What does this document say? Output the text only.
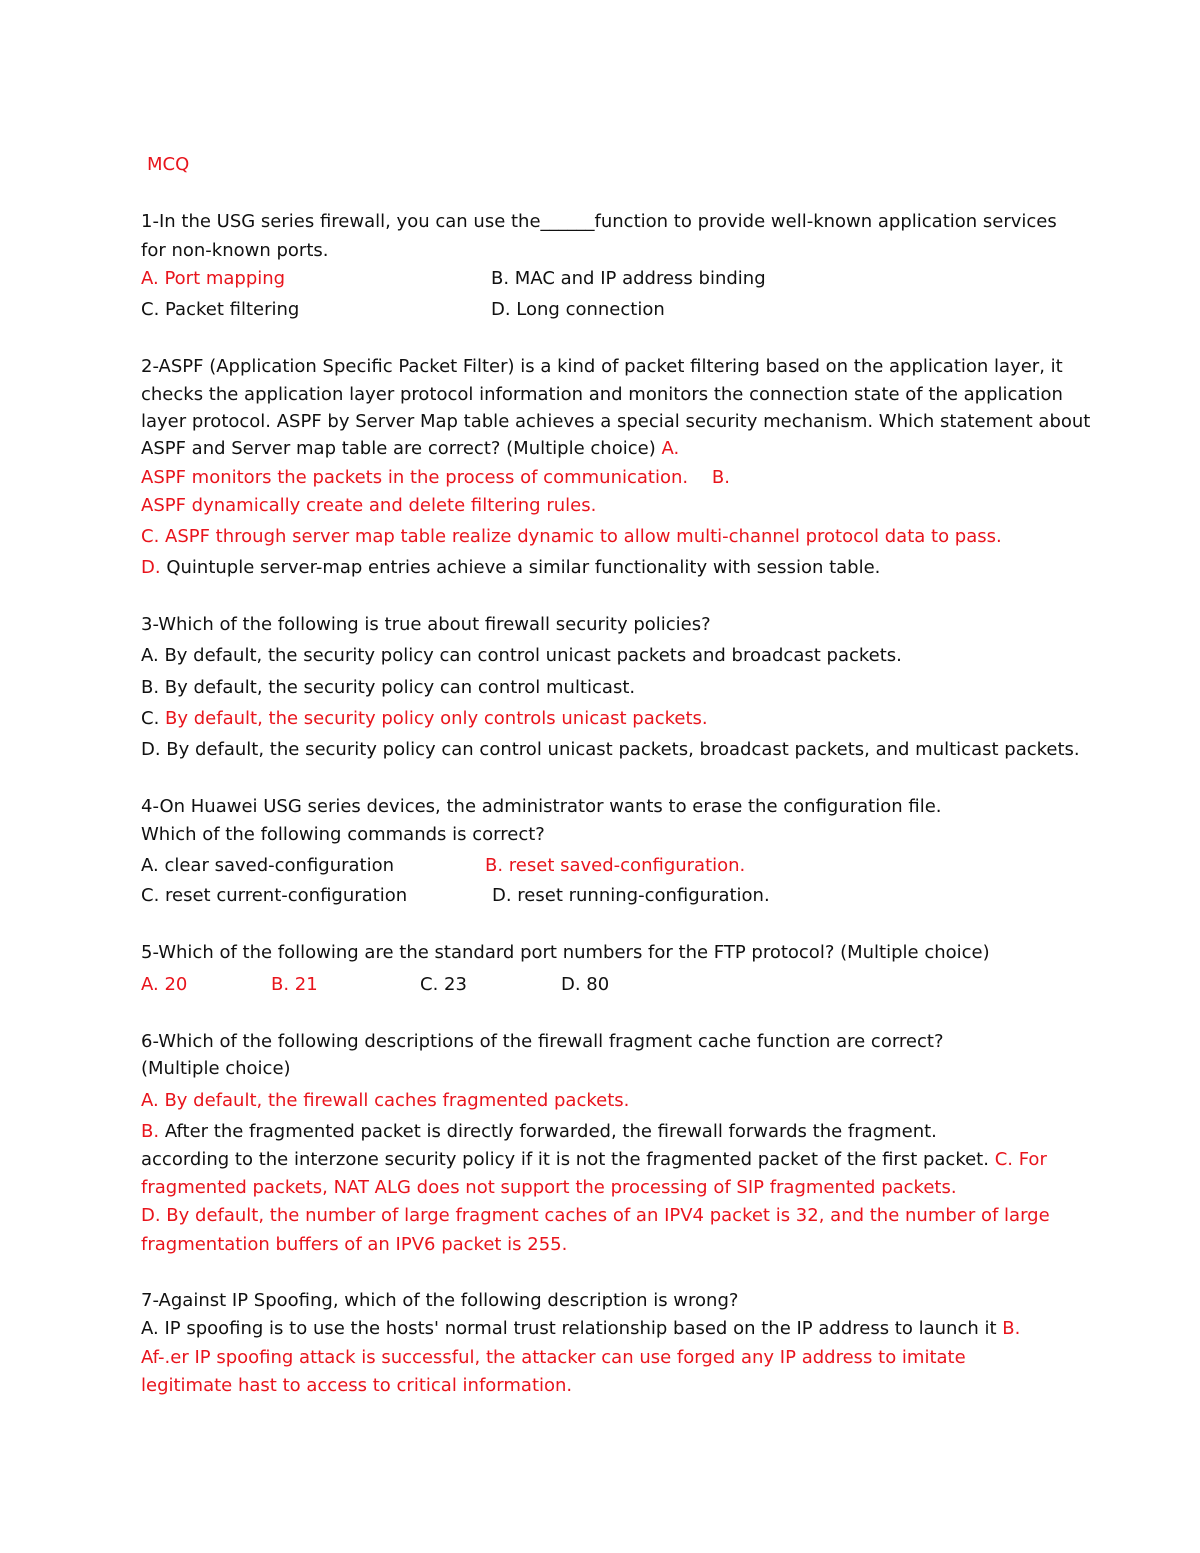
MCQ
1-In the USG series firewall, you can use the______function to provide well-known application services
for non-known ports.
A. Port mapping	B. MAC and IP address binding
C. Packet filtering	D. Long connection
2-ASPF (Application Specific Packet Filter) is a kind of packet filtering based on the application layer, it
checks the application layer protocol information and monitors the connection state of the application
layer protocol. ASPF by Server Map table achieves a special security mechanism. Which statement about
ASPF and Server map table are correct? (Multiple choice) A.
ASPF monitors the packets in the process of communication. B.
ASPF dynamically create and delete filtering rules.
C. ASPF through server map table realize dynamic to allow multi-channel protocol data to pass.
D. Quintuple server-map entries achieve a similar functionality with session table.
3-Which of the following is true about firewall security policies?
A. By default, the security policy can control unicast packets and broadcast packets.
B. By default, the security policy can control multicast.
C. By default, the security policy only controls unicast packets.
D. By default, the security policy can control unicast packets, broadcast packets, and multicast packets.
4-On Huawei USG series devices, the administrator wants to erase the configuration file.
Which of the following commands is correct?
A. clear saved-configuration	B. reset saved-configuration.
C. reset current-configuration	D. reset running-configuration.
5-Which of the following are the standard port numbers for the FTP protocol? (Multiple choice)
A. 20	B. 21	C. 23	D. 80
6-Which of the following descriptions of the firewall fragment cache function are correct?
(Multiple choice)
A. By default, the firewall caches fragmented packets.
B. After the fragmented packet is directly forwarded, the firewall forwards the fragment.
according to the interzone security policy if it is not the fragmented packet of the first packet. C. For
fragmented packets, NAT ALG does not support the processing of SIP fragmented packets.
D. By default, the number of large fragment caches of an IPV4 packet is 32, and the number of large
fragmentation buffers of an IPV6 packet is 255.
7-Against IP Spoofing, which of the following description is wrong?
A. IP spoofing is to use the hosts' normal trust relationship based on the IP address to launch it B.
Af-.er IP spoofing attack is successful, the attacker can use forged any IP address to imitate
legitimate hast to access to critical information.
